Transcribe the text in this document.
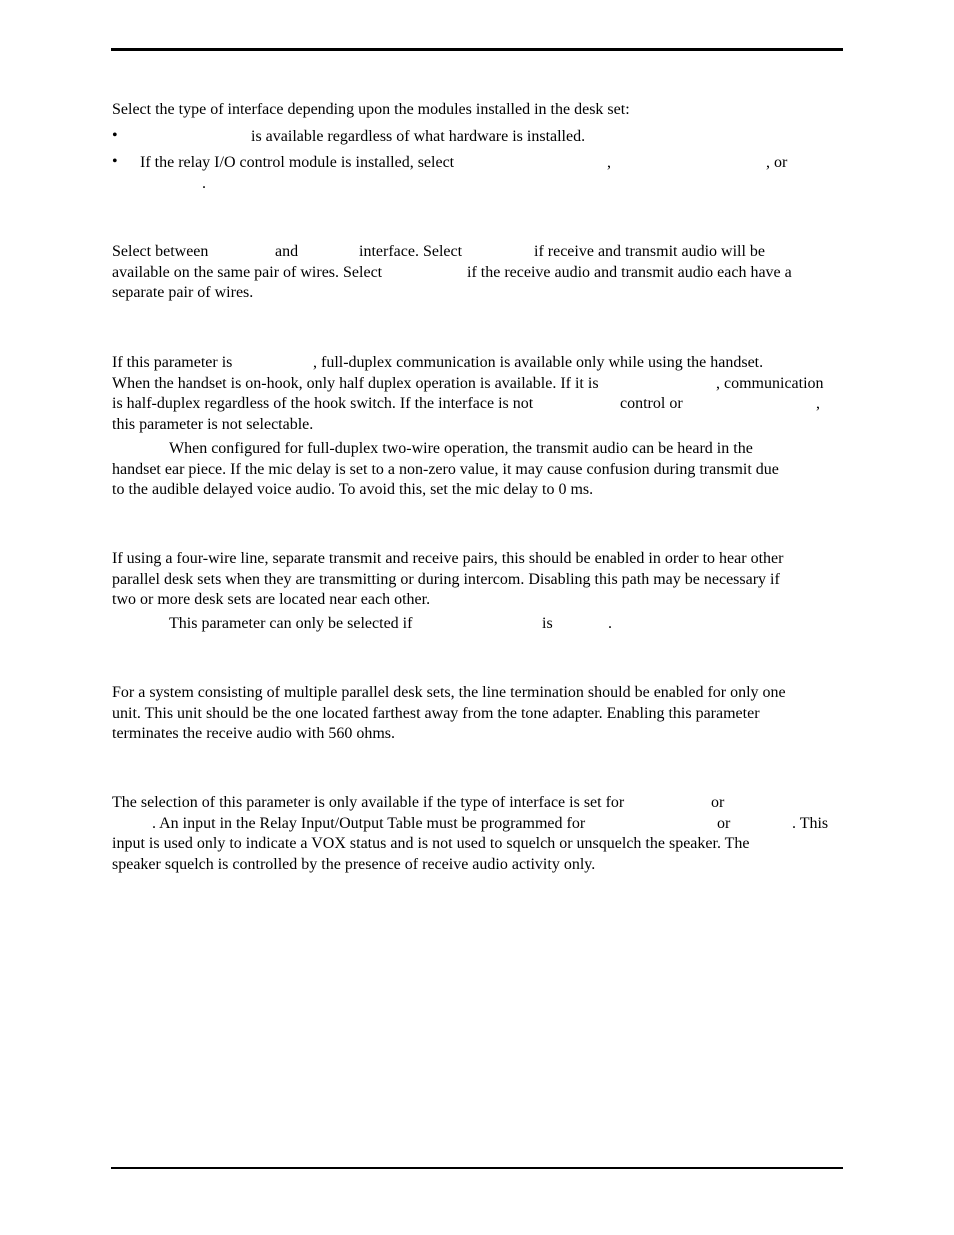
Select the type of interface depending upon the modules installed in the desk set:
•	is available regardless of what hardware is installed.
• If the relay I/O control module is installed, select	,	, or
.
Select between	and	interface. Select	if receive and transmit audio will be
available on the same pair of wires. Select	if the receive audio and transmit audio each have a
separate pair of wires.
If this parameter is	, full-duplex communication is available only while using the handset.
When the handset is on-hook, only half duplex operation is available. If it is	, communication
is half-duplex regardless of the hook switch. If the interface is not	control or	,
this parameter is not selectable.
When configured for full-duplex two-wire operation, the transmit audio can be heard in the
handset ear piece. If the mic delay is set to a non-zero value, it may cause confusion during transmit due
to the audible delayed voice audio. To avoid this, set the mic delay to 0 ms.
If using a four-wire line, separate transmit and receive pairs, this should be enabled in order to hear other
parallel desk sets when they are transmitting or during intercom. Disabling this path may be necessary if
two or more desk sets are located near each other.
This parameter can only be selected if	is	.
For a system consisting of multiple parallel desk sets, the line termination should be enabled for only one
unit. This unit should be the one located farthest away from the tone adapter. Enabling this parameter
terminates the receive audio with 560 ohms.
The selection of this parameter is only available if the type of interface is set for	or
. An input in the Relay Input/Output Table must be programmed for	or	. This
input is used only to indicate a VOX status and is not used to squelch or unsquelch the speaker. The
speaker squelch is controlled by the presence of receive audio activity only.
